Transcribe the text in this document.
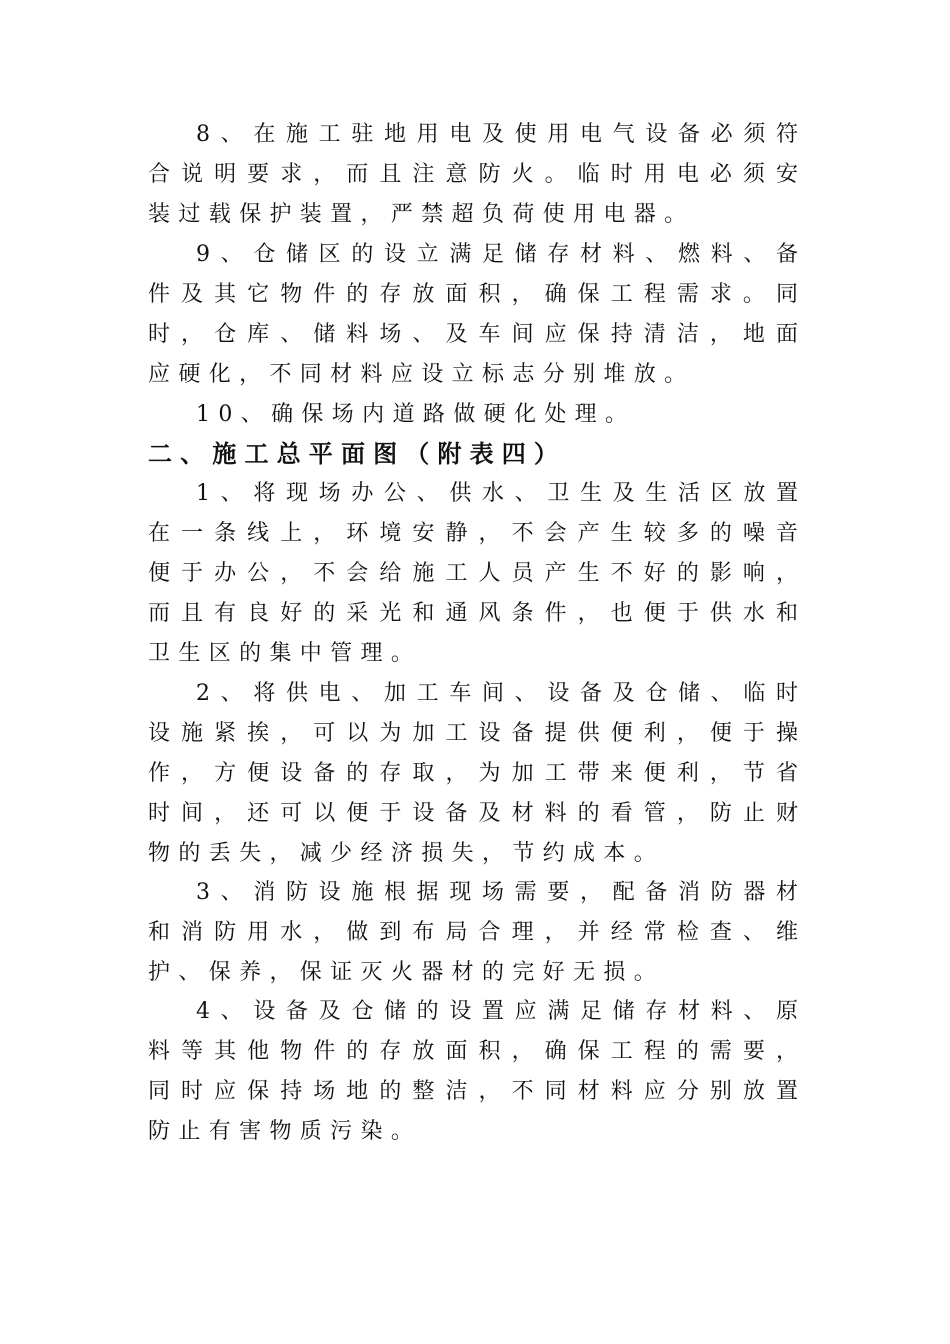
8、在施工驻地用电及使用电气设备必须符
合说明要求，而且注意防火。临时用电必须安
装过载保护装置，严禁超负荷使用电器。
9、仓储区的设立满足储存材料、燃料、备
件及其它物件的存放面积，确保工程需求。同
时，仓库、储料场、及车间应保持清洁，地面
应硬化，不同材料应设立标志分别堆放。
10、确保场内道路做硬化处理。
二、施工总平面图（附表四）
1、将现场办公、供水、卫生及生活区放置
在一条线上，环境安静，不会产生较多的噪音
便于办公，不会给施工人员产生不好的影响，
而且有良好的采光和通风条件，也便于供水和
卫生区的集中管理。
2、将供电、加工车间、设备及仓储、临时
设施紧挨，可以为加工设备提供便利，便于操
作，方便设备的存取，为加工带来便利，节省
时间，还可以便于设备及材料的看管，防止财
物的丢失，减少经济损失，节约成本。
3、消防设施根据现场需要，配备消防器材
和消防用水，做到布局合理，并经常检查、维
护、保养，保证灭火器材的完好无损。
4、设备及仓储的设置应满足储存材料、原
料等其他物件的存放面积，确保工程的需要，
同时应保持场地的整洁，不同材料应分别放置
防止有害物质污染。
